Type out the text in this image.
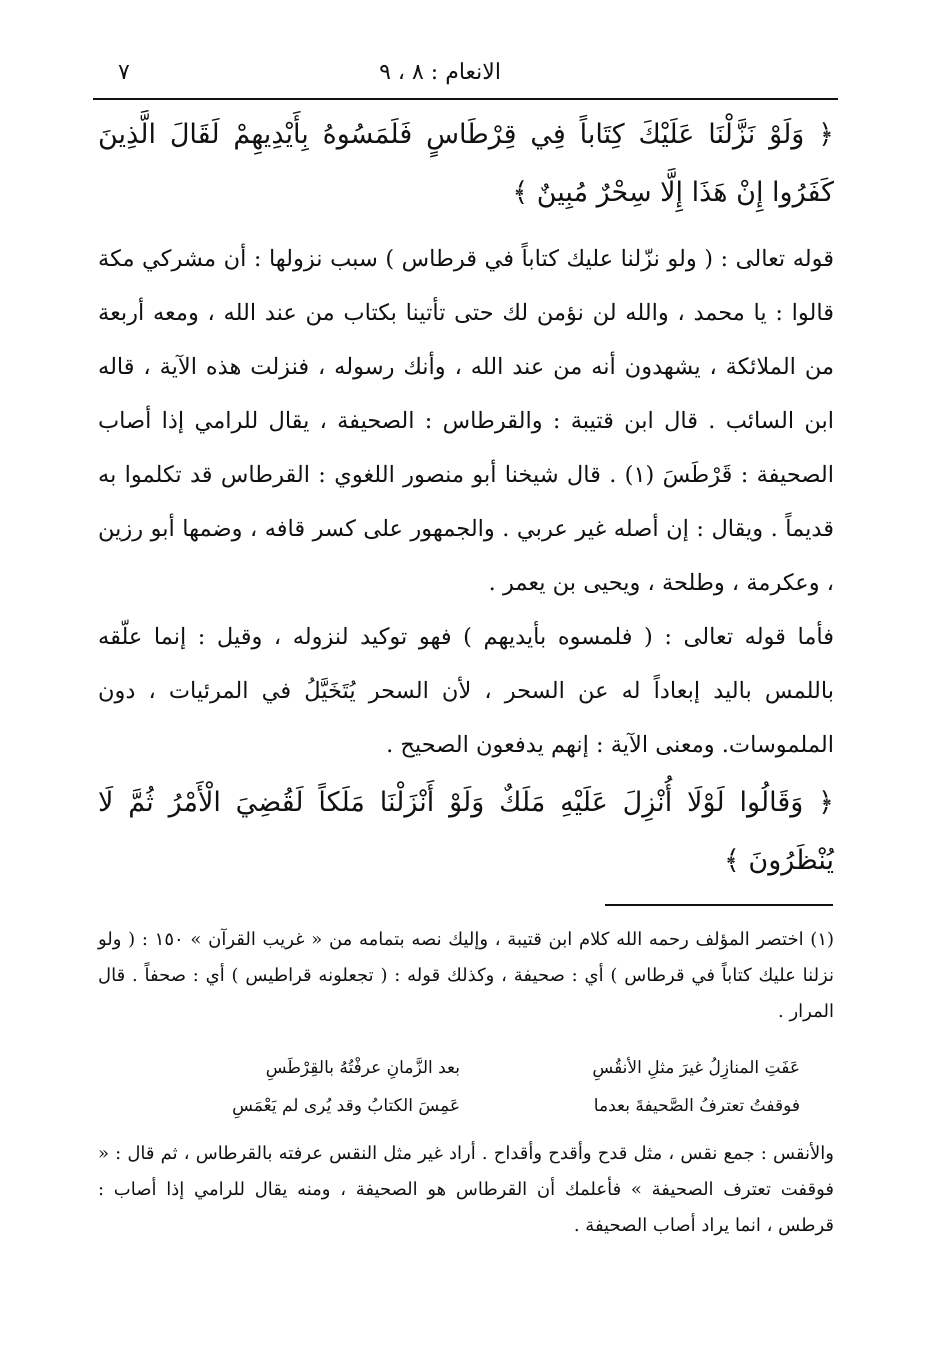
الانعام : ٨ ، ٩
٧
﴿ وَلَوْ نَزَّلْنَا عَلَيْكَ كِتَاباً فِي قِرْطَاسٍ فَلَمَسُوهُ بِأَيْدِيهِمْ لَقَالَ الَّذِينَ كَفَرُوا إِنْ هَذَا إِلَّا سِحْرٌ مُبِينٌ ﴾
قوله تعالى : ( ولو نزّلنا عليك كتاباً في قرطاس ) سبب نزولها : أن مشركي مكة قالوا : يا محمد ، والله لن نؤمن لك حتى تأتينا بكتاب من عند الله ، ومعه أربعة من الملائكة ، يشهدون أنه من عند الله ، وأنك رسوله ، فنزلت هذه الآية ، قاله ابن السائب . قال ابن قتيبة : والقرطاس : الصحيفة ، يقال للرامي إذا أصاب الصحيفة : قَرْطَسَ (١) . قال شيخنا أبو منصور اللغوي : القرطاس قد تكلموا به قديماً . ويقال : إن أصله غير عربي . والجمهور على كسر قافه ، وضمها أبو رزين ، وعكرمة ، وطلحة ، ويحيى بن يعمر .
فأما قوله تعالى : ( فلمسوه بأيديهم ) فهو توكيد لنزوله ، وقيل : إنما علّقه باللمس باليد إبعاداً له عن السحر ، لأن السحر يُتَخَيَّلُ في المرئيات ، دون الملموسات. ومعنى الآية : إنهم يدفعون الصحيح .
﴿ وَقَالُوا لَوْلَا أُنْزِلَ عَلَيْهِ مَلَكٌ وَلَوْ أَنْزَلْنَا مَلَكاً لَقُضِيَ الْأَمْرُ ثُمَّ لَا يُنْظَرُونَ ﴾
(١) اختصر المؤلف رحمه الله كلام ابن قتيبة ، وإليك نصه بتمامه من « غريب القرآن » ١٥٠ : ( ولو نزلنا عليك كتاباً في قرطاس ) أي : صحيفة ، وكذلك قوله : ( تجعلونه قراطيس ) أي : صحفاً . قال المرار .
عَفَتِ المنازِلُ غيرَ مثلِ الأنقُسِ
بعد الزَّمانِ عرفْتُهُ بالقِرْطَسِ
فوقفتُ تعترفُ الصَّحيفةَ بعدما
عَمِسَ الكتابُ وقد يُرى لم يَعْمَسِ
والأنقس : جمع نقس ، مثل قدح وأقدح وأقداح . أراد غير مثل النقس عرفته بالقرطاس ، ثم قال : « فوقفت تعترف الصحيفة » فأعلمك أن القرطاس هو الصحيفة ، ومنه يقال للرامي إذا أصاب : قرطس ، انما يراد أصاب الصحيفة .
